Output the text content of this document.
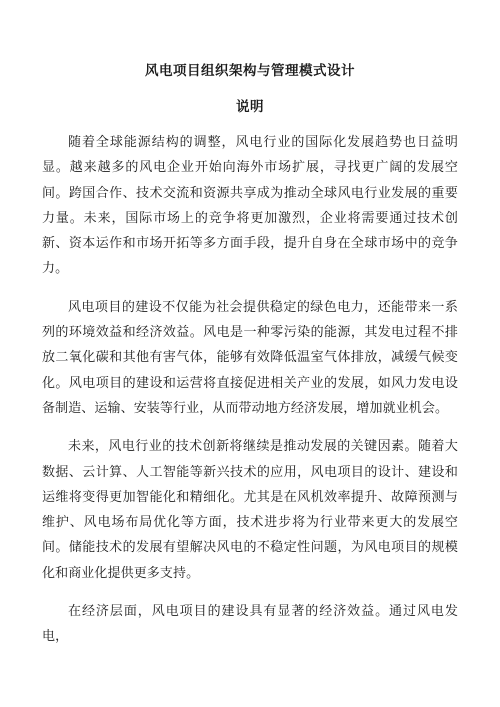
风电项目组织架构与管理模式设计
说明

随着全球能源结构的调整，风电行业的国际化发展趋势也日益明显。越来越多的风电企业开始向海外市场扩展，寻找更广阔的发展空间。跨国合作、技术交流和资源共享成为推动全球风电行业发展的重要力量。未来，国际市场上的竞争将更加激烈，企业将需要通过技术创新、资本运作和市场开拓等多方面手段，提升自身在全球市场中的竞争力。

风电项目的建设不仅能为社会提供稳定的绿色电力，还能带来一系列的环境效益和经济效益。风电是一种零污染的能源，其发电过程不排放二氧化碳和其他有害气体，能够有效降低温室气体排放，减缓气候变化。风电项目的建设和运营将直接促进相关产业的发展，如风力发电设备制造、运输、安装等行业，从而带动地方经济发展，增加就业机会。

未来，风电行业的技术创新将继续是推动发展的关键因素。随着大数据、云计算、人工智能等新兴技术的应用，风电项目的设计、建设和运维将变得更加智能化和精细化。尤其是在风机效率提升、故障预测与维护、风电场布局优化等方面，技术进步将为行业带来更大的发展空间。储能技术的发展有望解决风电的不稳定性问题，为风电项目的规模化和商业化提供更多支持。

在经济层面，风电项目的建设具有显著的经济效益。通过风电发电，
